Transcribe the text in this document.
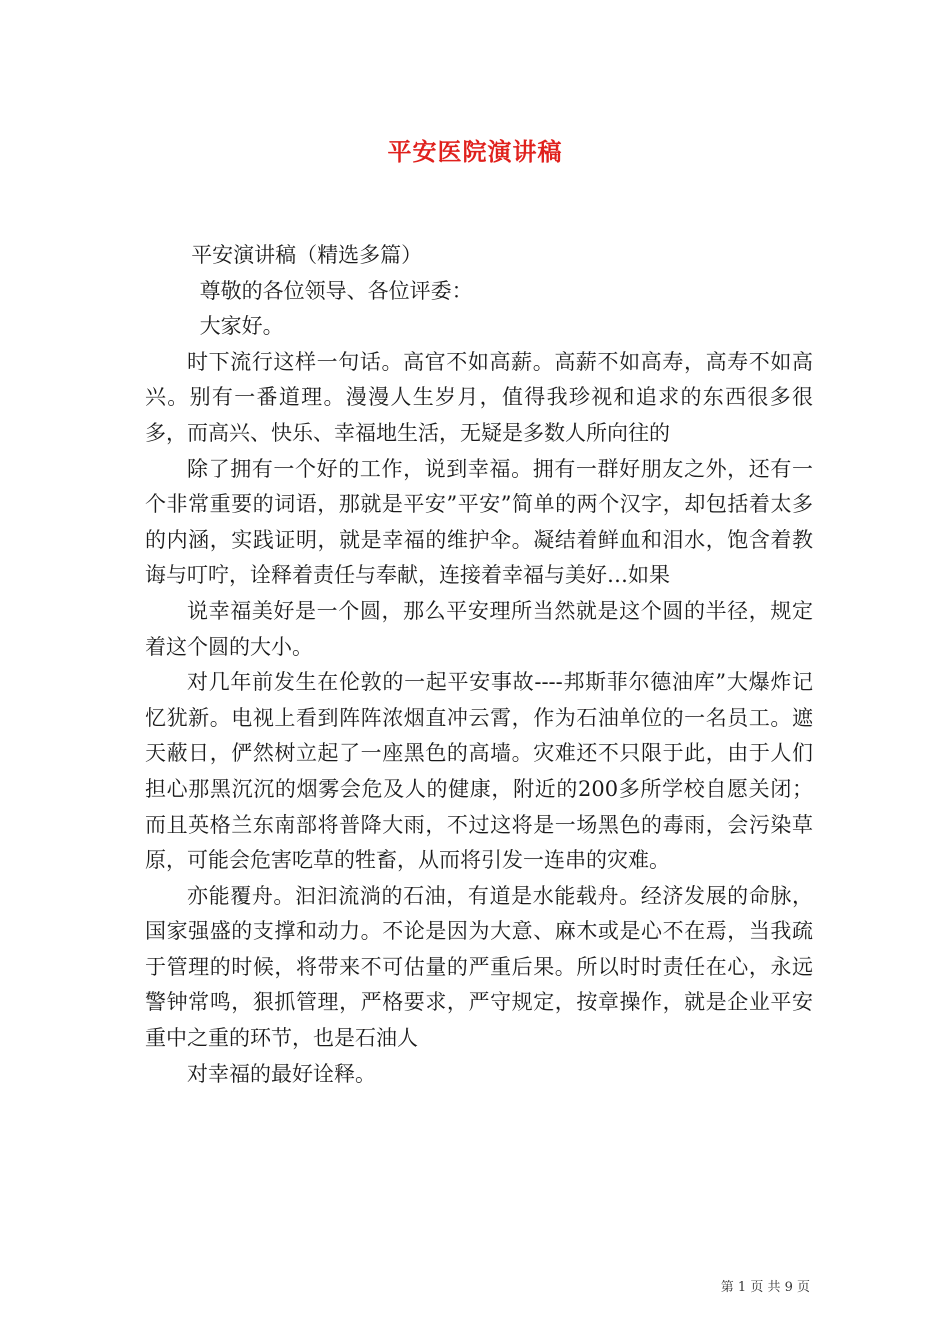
平安医院演讲稿

平安演讲稿（精选多篇）

尊敬的各位领导、各位评委：

大家好。

时下流行这样一句话。高官不如高薪。高薪不如高寿，高寿不如高兴。别有一番道理。漫漫人生岁月，值得我珍视和追求的东西很多很多，而高兴、快乐、幸福地生活，无疑是多数人所向往的

除了拥有一个好的工作，说到幸福。拥有一群好朋友之外，还有一个非常重要的词语，那就是平安”平安”简单的两个汉字，却包括着太多的内涵，实践证明，就是幸福的维护伞。凝结着鲜血和泪水，饱含着教诲与叮咛，诠释着责任与奉献，连接着幸福与美好…如果

说幸福美好是一个圆，那么平安理所当然就是这个圆的半径，规定着这个圆的大小。

对几年前发生在伦敦的一起平安事故----邦斯菲尔德油库”大爆炸记忆犹新。电视上看到阵阵浓烟直冲云霄，作为石油单位的一名员工。遮天蔽日，俨然树立起了一座黑色的高墙。灾难还不只限于此，由于人们担心那黑沉沉的烟雾会危及人的健康，附近的200多所学校自愿关闭；而且英格兰东南部将普降大雨，不过这将是一场黑色的毒雨，会污染草原，可能会危害吃草的牲畜，从而将引发一连串的灾难。

亦能覆舟。汩汩流淌的石油，有道是水能载舟。经济发展的命脉，国家强盛的支撑和动力。不论是因为大意、麻木或是心不在焉，当我疏于管理的时候，将带来不可估量的严重后果。所以时时责任在心，永远警钟常鸣，狠抓管理，严格要求，严守规定，按章操作，就是企业平安重中之重的环节，也是石油人

对幸福的最好诠释。

第 1 页 共 9 页
